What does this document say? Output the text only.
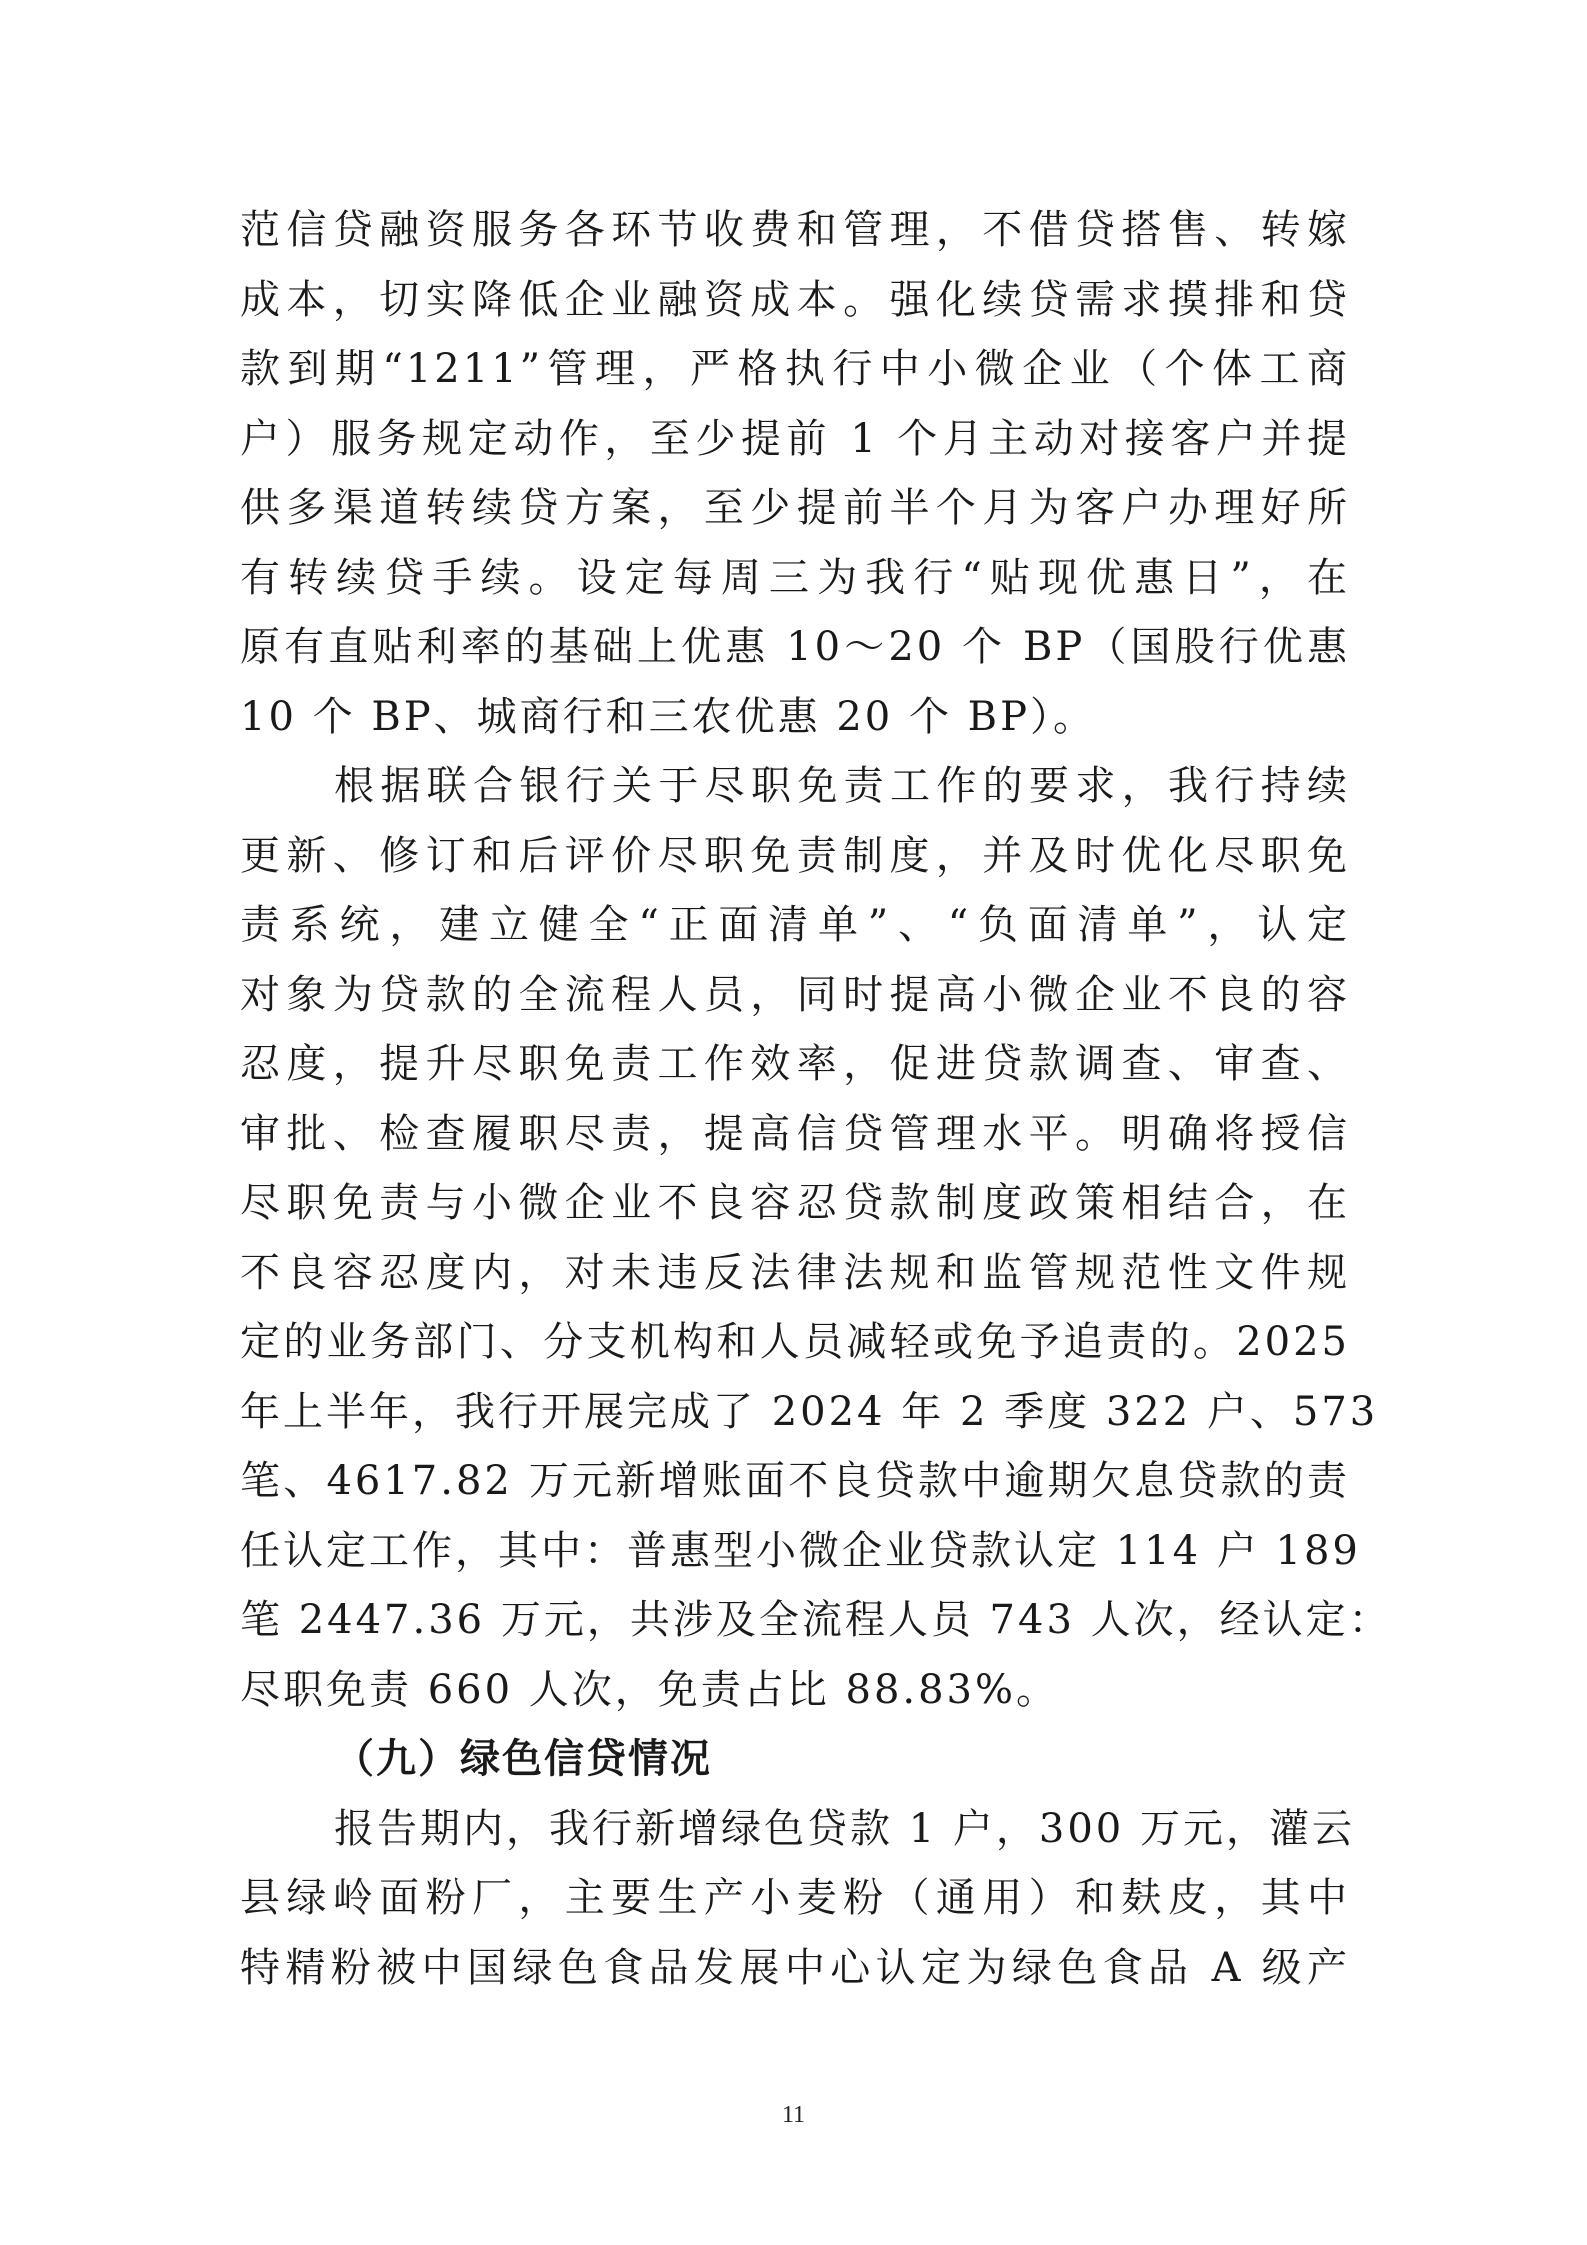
范信贷融资服务各环节收费和管理，不借贷搭售、转嫁
成本，切实降低企业融资成本。强化续贷需求摸排和贷
款到期“1211”管理，严格执行中小微企业（个体工商
户）服务规定动作，至少提前 1 个月主动对接客户并提
供多渠道转续贷方案，至少提前半个月为客户办理好所
有转续贷手续。设定每周三为我行“贴现优惠日”，在
原有直贴利率的基础上优惠 10～20 个 BP（国股行优惠
10 个 BP、城商行和三农优惠 20 个 BP）。
根据联合银行关于尽职免责工作的要求，我行持续
更新、修订和后评价尽职免责制度，并及时优化尽职免
责系统，建立健全“正面清单”、“负面清单”，认定
对象为贷款的全流程人员，同时提高小微企业不良的容
忍度，提升尽职免责工作效率，促进贷款调查、审查、
审批、检查履职尽责，提高信贷管理水平。明确将授信
尽职免责与小微企业不良容忍贷款制度政策相结合，在
不良容忍度内，对未违反法律法规和监管规范性文件规
定的业务部门、分支机构和人员减轻或免予追责的。2025
年上半年，我行开展完成了 2024 年 2 季度 322 户、573
笔、4617.82 万元新增账面不良贷款中逾期欠息贷款的责
任认定工作，其中：普惠型小微企业贷款认定 114 户 189
笔 2447.36 万元，共涉及全流程人员 743 人次，经认定：
尽职免责 660 人次，免责占比 88.83%。
（九）绿色信贷情况
报告期内，我行新增绿色贷款 1 户，300 万元，灌云
县绿岭面粉厂，主要生产小麦粉（通用）和麸皮，其中
特精粉被中国绿色食品发展中心认定为绿色食品 A 级产
11
